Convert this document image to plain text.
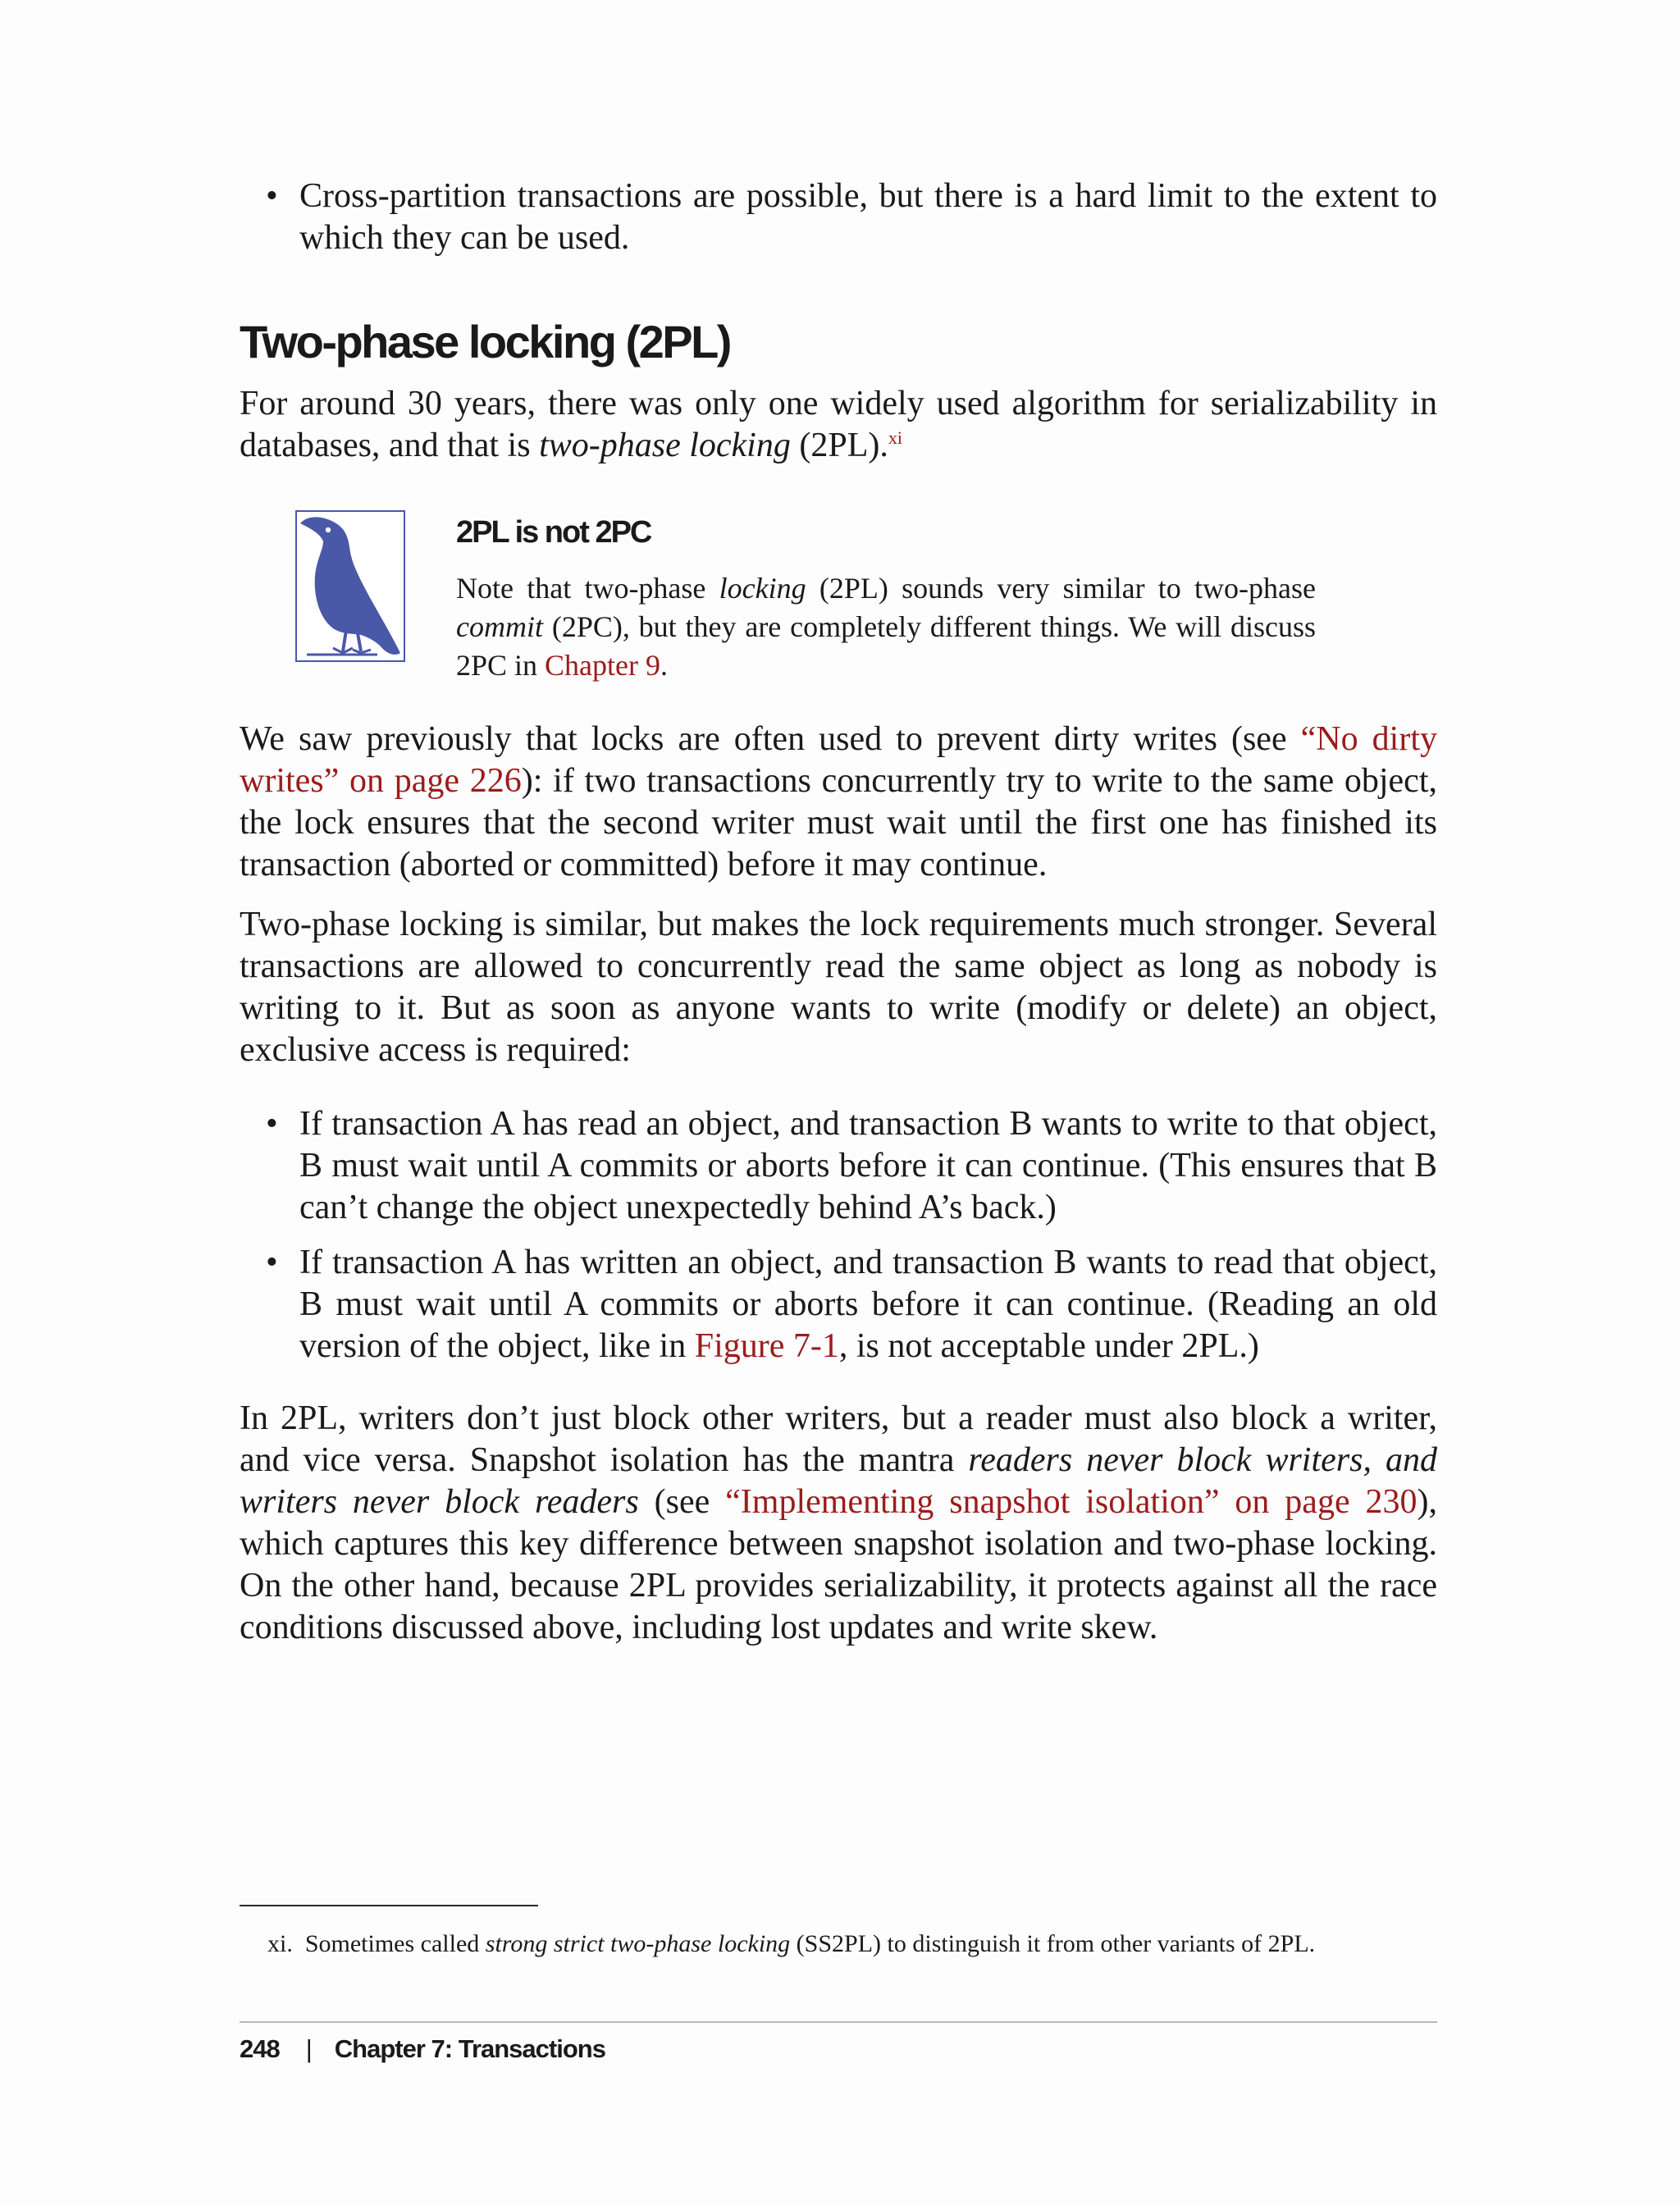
• Cross-partition transactions are possible, but there is a hard limit to the extent to which they can be used.
Two-phase locking (2PL)

For around 30 years, there was only one widely used algorithm for serializability in databases, and that is two-phase locking (2PL).$^{xi}$

2PL is not 2PC

Note that two-phase locking (2PL) sounds very similar to two-phase commit (2PC), but they are completely different things. We will discuss 2PC in Chapter 9.

We saw previously that locks are often used to prevent dirty writes (see “No dirty writes” on page 226): if two transactions concurrently try to write to the same object, the lock ensures that the second writer must wait until the first one has finished its transaction (aborted or committed) before it may continue.

Two-phase locking is similar, but makes the lock requirements much stronger. Several transactions are allowed to concurrently read the same object as long as nobody is writing to it. But as soon as anyone wants to write (modify or delete) an object, exclusive access is required:

• If transaction A has read an object, and transaction B wants to write to that object, B must wait until A commits or aborts before it can continue. (This ensures that B can’t change the object unexpectedly behind A’s back.)
• If transaction A has written an object, and transaction B wants to read that object, B must wait until A commits or aborts before it can continue. (Reading an old version of the object, like in Figure 7-1, is not acceptable under 2PL.)

In 2PL, writers don’t just block other writers, but a reader must also block a writer, and vice versa. Snapshot isolation has the mantra readers never block writers, and writers never block readers (see “Implementing snapshot isolation” on page 230), which captures this key difference between snapshot isolation and two-phase locking. On the other hand, because 2PL provides serializability, it protects against all the race conditions discussed above, including lost updates and write skew.

xi. Sometimes called strong strict two-phase locking (SS2PL) to distinguish it from other variants of 2PL.

248 | Chapter 7: Transactions
